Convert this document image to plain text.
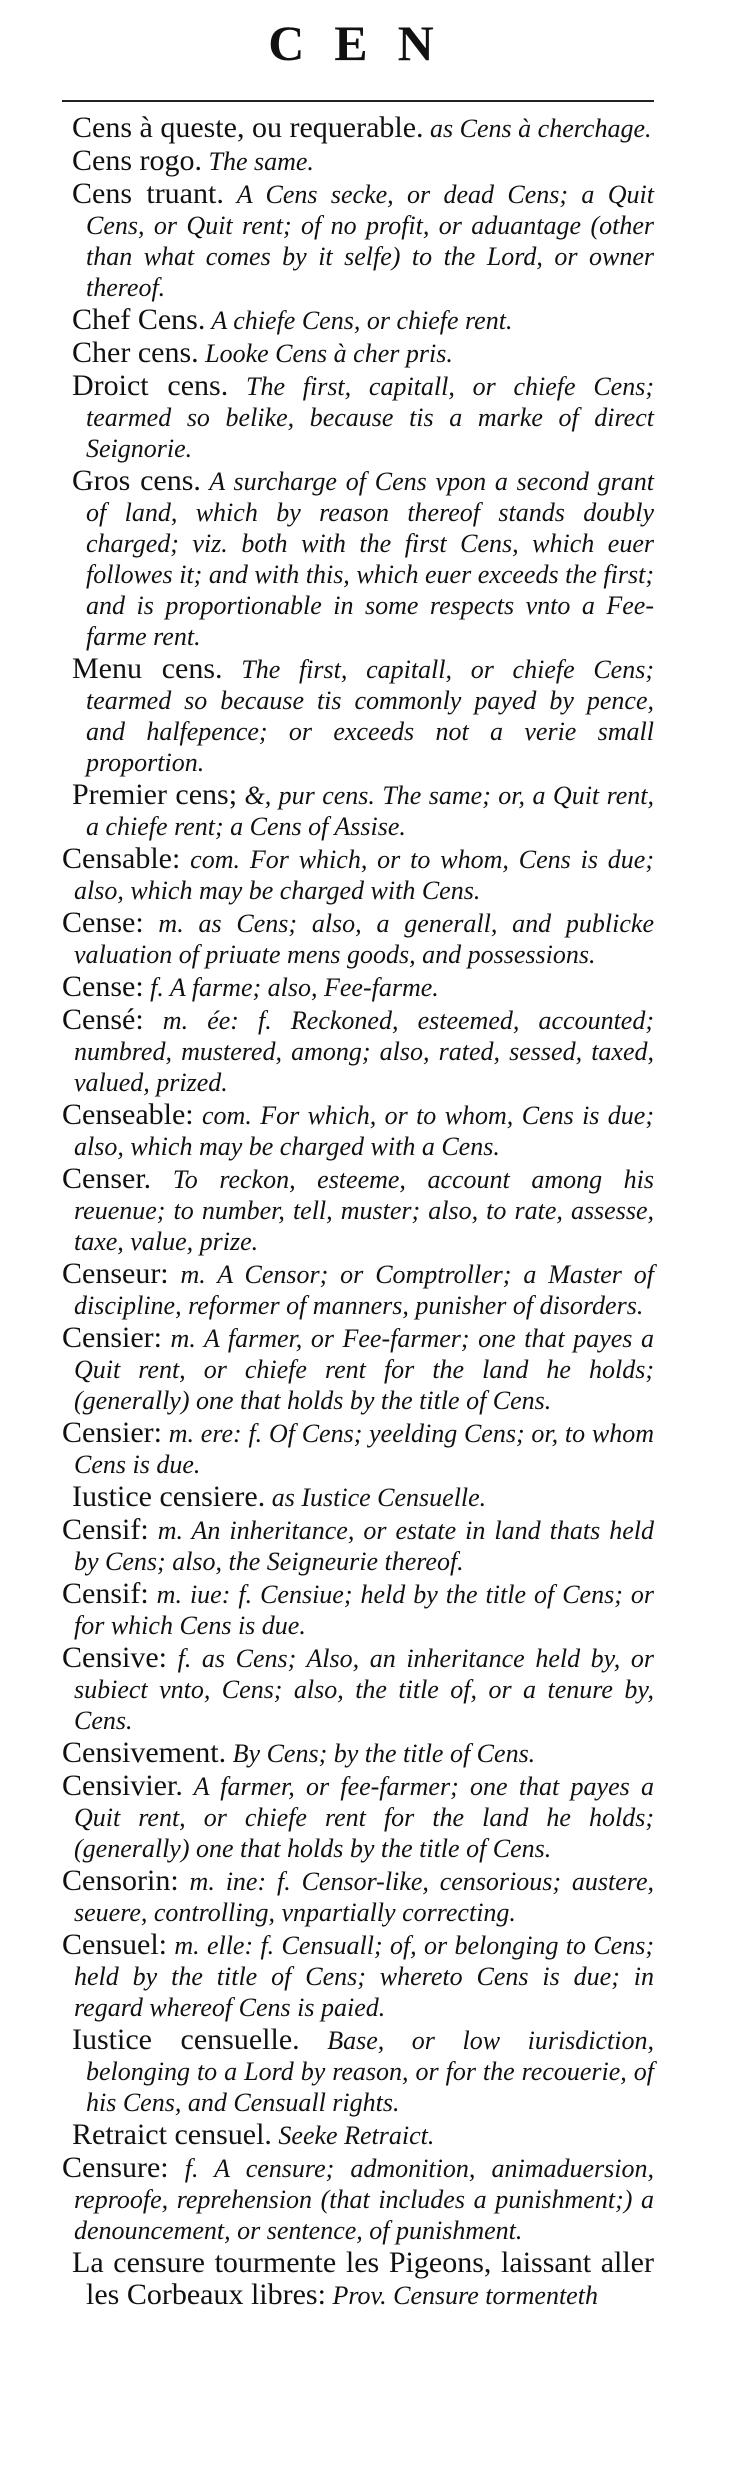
CEN
Cens à queste, ou requerable. as Cens à cherchage.
Cens rogo. The same.
Cens truant. A Cens secke, or dead Cens; a Quit Cens, or Quit rent; of no profit, or aduantage (other than what comes by it selfe) to the Lord, or owner thereof.
Chef Cens. A chiefe Cens, or chiefe rent.
Cher cens. Looke Cens à cher pris.
Droict cens. The first, capitall, or chiefe Cens; tearmed so belike, because tis a marke of direct Seignorie.
Gros cens. A surcharge of Cens vpon a second grant of land, which by reason thereof stands doubly charged; viz. both with the first Cens, which euer followes it; and with this, which euer exceeds the first; and is proportionable in some respects vnto a Fee-farme rent.
Menu cens. The first, capitall, or chiefe Cens; tearmed so because tis commonly payed by pence, and halfepence; or exceeds not a verie small proportion.
Premier cens; &, pur cens. The same; or, a Quit rent, a chiefe rent; a Cens of Assise.
Censable: com. For which, or to whom, Cens is due; also, which may be charged with Cens.
Cense: m. as Cens; also, a generall, and publicke valuation of priuate mens goods, and possessions.
Cense: f. A farme; also, Fee-farme.
Censé: m. ée: f. Reckoned, esteemed, accounted; numbred, mustered, among; also, rated, sessed, taxed, valued, prized.
Censeable: com. For which, or to whom, Cens is due; also, which may be charged with a Cens.
Censer. To reckon, esteeme, account among his reuenue; to number, tell, muster; also, to rate, assesse, taxe, value, prize.
Censeur: m. A Censor; or Comptroller; a Master of discipline, reformer of manners, punisher of disorders.
Censier: m. A farmer, or Fee-farmer; one that payes a Quit rent, or chiefe rent for the land he holds; (generally) one that holds by the title of Cens.
Censier: m. ere: f. Of Cens; yeelding Cens; or, to whom Cens is due.
Iustice censiere. as Iustice Censuelle.
Censif: m. An inheritance, or estate in land thats held by Cens; also, the Seigneurie thereof.
Censif: m. iue: f. Censiue; held by the title of Cens; or for which Cens is due.
Censive: f. as Cens; Also, an inheritance held by, or subiect vnto, Cens; also, the title of, or a tenure by, Cens.
Censivement. By Cens; by the title of Cens.
Censivier. A farmer, or fee-farmer; one that payes a Quit rent, or chiefe rent for the land he holds; (generally) one that holds by the title of Cens.
Censorin: m. ine: f. Censor-like, censorious; austere, seuere, controlling, vnpartially correcting.
Censuel: m. elle: f. Censuall; of, or belonging to Cens; held by the title of Cens; whereto Cens is due; in regard whereof Cens is paied.
Iustice censuelle. Base, or low iurisdiction, belonging to a Lord by reason, or for the recouerie, of his Cens, and Censuall rights.
Retraict censuel. Seeke Retraict.
Censure: f. A censure; admonition, animaduersion, reproofe, reprehension (that includes a punishment;) a denouncement, or sentence, of punishment.
La censure tourmente les Pigeons, laissant aller les Corbeaux libres: Prov. Censure tormenteth
